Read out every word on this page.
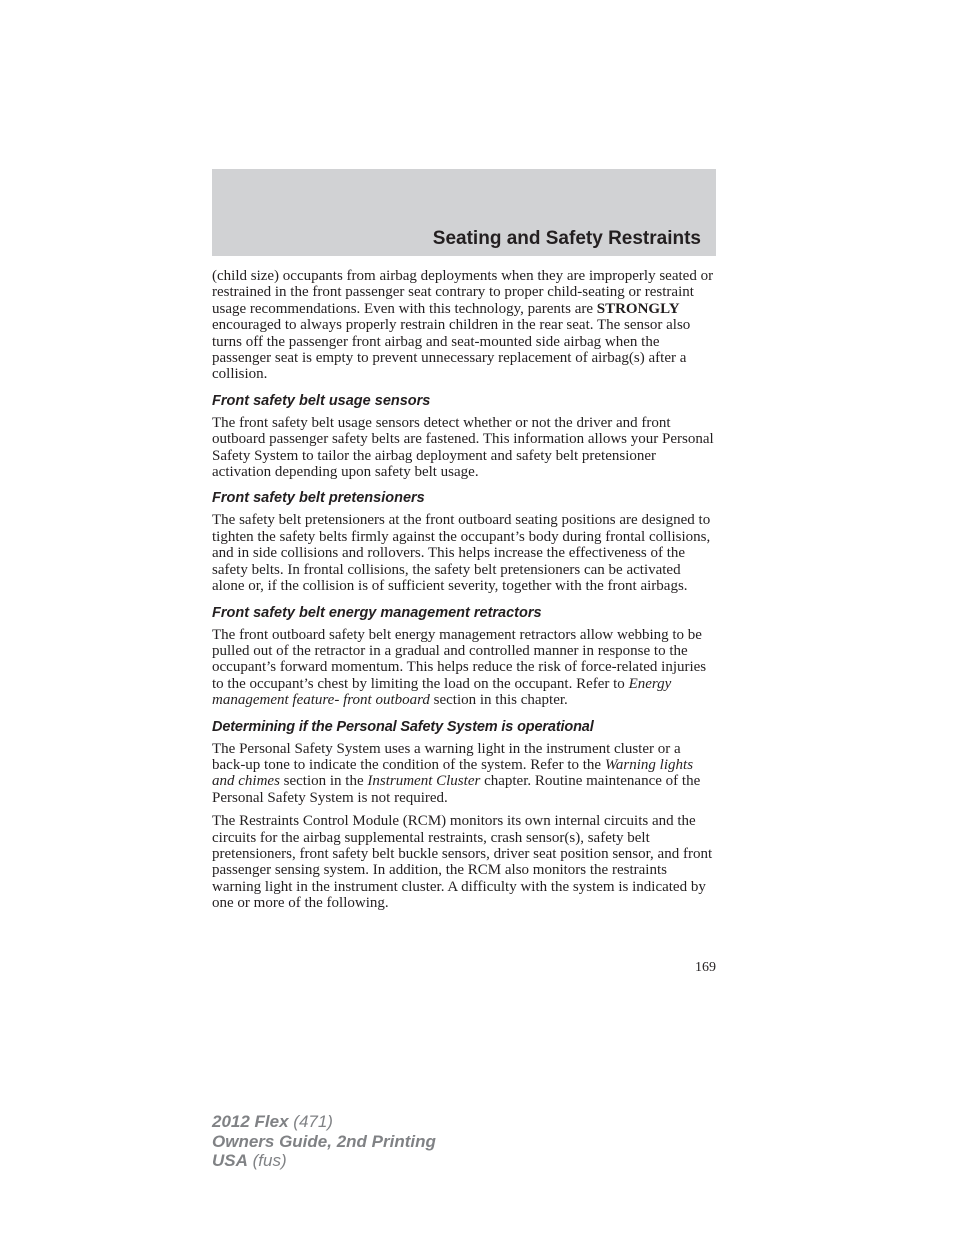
Seating and Safety Restraints

(child size) occupants from airbag deployments when they are improperly seated or restrained in the front passenger seat contrary to proper child-seating or restraint usage recommendations. Even with this technology, parents are STRONGLY encouraged to always properly restrain children in the rear seat. The sensor also turns off the passenger front airbag and seat-mounted side airbag when the passenger seat is empty to prevent unnecessary replacement of airbag(s) after a collision.

Front safety belt usage sensors

The front safety belt usage sensors detect whether or not the driver and front outboard passenger safety belts are fastened. This information allows your Personal Safety System to tailor the airbag deployment and safety belt pretensioner activation depending upon safety belt usage.

Front safety belt pretensioners

The safety belt pretensioners at the front outboard seating positions are designed to tighten the safety belts firmly against the occupant’s body during frontal collisions, and in side collisions and rollovers. This helps increase the effectiveness of the safety belts. In frontal collisions, the safety belt pretensioners can be activated alone or, if the collision is of sufficient severity, together with the front airbags.

Front safety belt energy management retractors

The front outboard safety belt energy management retractors allow webbing to be pulled out of the retractor in a gradual and controlled manner in response to the occupant’s forward momentum. This helps reduce the risk of force-related injuries to the occupant’s chest by limiting the load on the occupant. Refer to Energy management feature- front outboard section in this chapter.

Determining if the Personal Safety System is operational

The Personal Safety System uses a warning light in the instrument cluster or a back-up tone to indicate the condition of the system. Refer to the Warning lights and chimes section in the Instrument Cluster chapter. Routine maintenance of the Personal Safety System is not required.

The Restraints Control Module (RCM) monitors its own internal circuits and the circuits for the airbag supplemental restraints, crash sensor(s), safety belt pretensioners, front safety belt buckle sensors, driver seat position sensor, and front passenger sensing system. In addition, the RCM also monitors the restraints warning light in the instrument cluster. A difficulty with the system is indicated by one or more of the following.

169
2012 Flex (471)
Owners Guide, 2nd Printing
USA (fus)
